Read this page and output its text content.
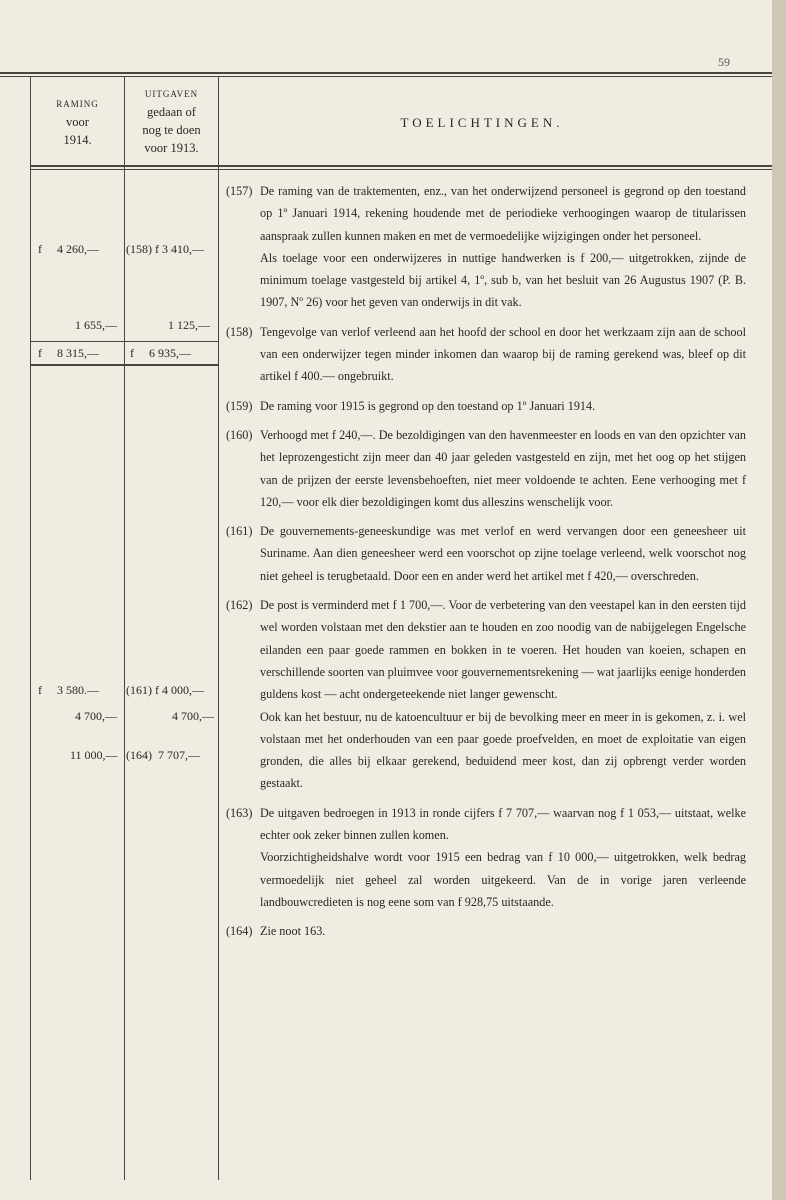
59
RAMING
voor
1914.
UITGAVEN
gedaan of
nog te doen
voor 1913.
TOELICHTINGEN.
f     4 260,—
1 655,—
f     8 315,—
f     3 580.—
4 700,—
11 000,—
(158) f 3 410,—
1 125,—
f     6 935,—
(161) f 4 000,—
4 700,—
(164)  7 707,—
(157) De raming van de traktementen, enz., van het onderwijzend personeel is gegrond op den toestand op 1º Januari 1914, rekening houdende met de periodieke verhoogingen waarop de titularissen aanspraak zullen kunnen maken en met de vermoedelijke wijzigingen onder het personeel.

Als toelage voor een onderwijzeres in nuttige handwerken is f 200,— uitgetrokken, zijnde de minimum toelage vastgesteld bij artikel 4, 1º, sub b, van het besluit van 26 Augustus 1907 (P. B. 1907, Nº 26) voor het geven van onderwijs in dit vak.

(158) Tengevolge van verlof verleend aan het hoofd der school en door het werkzaam zijn aan de school van een onderwijzer tegen minder inkomen dan waarop bij de raming gerekend was, bleef op dit artikel f 400.— ongebruikt.

(159) De raming voor 1915 is gegrond op den toestand op 1º Januari 1914.

(160) Verhoogd met f 240,—. De bezoldigingen van den havenmeester en loods en van den opzichter van het leprozengesticht zijn meer dan 40 jaar geleden vastgesteld en zijn, met het oog op het stijgen van de prijzen der eerste levensbehoeften, niet meer voldoende te achten. Eene verhooging met f 120,— voor elk dier bezoldigingen komt dus alleszins wenschelijk voor.

(161) De gouvernements-geneeskundige was met verlof en werd vervangen door een geneesheer uit Suriname. Aan dien geneesheer werd een voorschot op zijne toelage verleend, welk voorschot nog niet geheel is terugbetaald. Door een en ander werd het artikel met f 420,— overschreden.

(162) De post is verminderd met f 1 700,—. Voor de verbetering van den veestapel kan in den eersten tijd wel worden volstaan met den dekstier aan te houden en zoo noodig van de nabijgelegen Engelsche eilanden een paar goede rammen en bokken in te voeren. Het houden van koeien, schapen en verschillende soorten van pluimvee voor gouvernementsrekening — wat jaarlijks eenige honderden guldens kost — acht ondergeteekende niet langer gewenscht.

Ook kan het bestuur, nu de katoencultuur er bij de bevolking meer en meer in is gekomen, z. i. wel volstaan met het onderhouden van een paar goede proefvelden, en moet de exploitatie van eigen gronden, die alles bij elkaar gerekend, beduidend meer kost, dan zij opbrengt verder worden gestaakt.

(163) De uitgaven bedroegen in 1913 in ronde cijfers f 7 707,— waarvan nog f 1 053,— uitstaat, welke echter ook zeker binnen zullen komen.

Voorzichtigheidshalve wordt voor 1915 een bedrag van f 10 000,— uitgetrokken, welk bedrag vermoedelijk niet geheel zal worden uitgekeerd. Van de in vorige jaren verleende landbouwcredieten is nog eene som van f 928,75 uitstaande.

(164) Zie noot 163.
